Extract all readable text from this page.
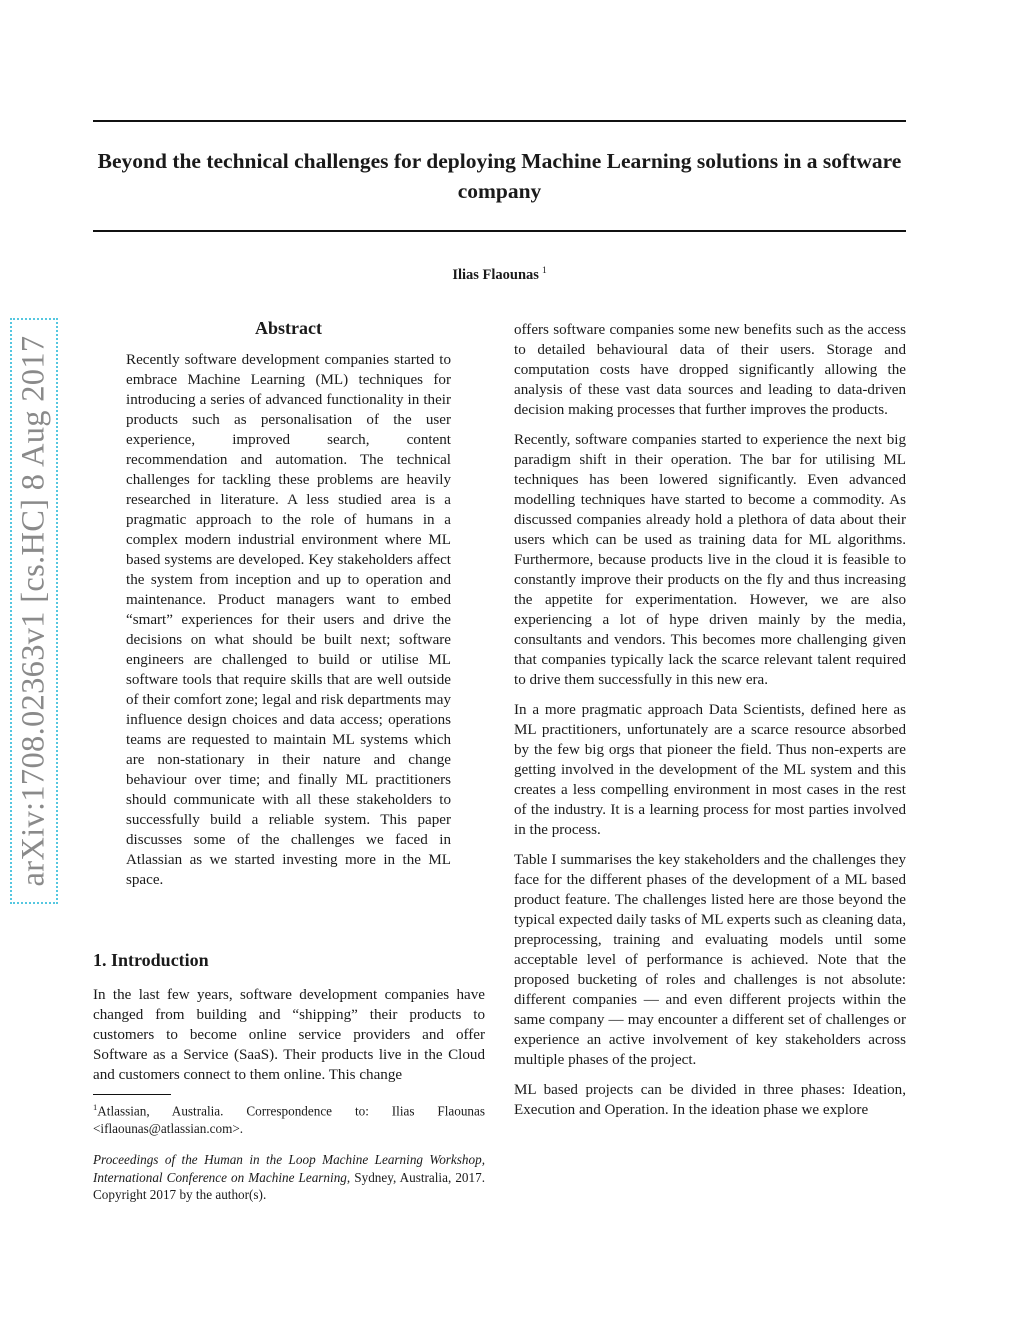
Beyond the technical challenges for deploying Machine Learning solutions in a software company
Ilias Flaounas $^1$
arXiv:1708.02363v1 [cs.HC] 8 Aug 2017
Abstract

Recently software development companies started to embrace Machine Learning (ML) techniques for introducing a series of advanced functionality in their products such as personalisation of the user experience, improved search, content recommendation and automation. The technical challenges for tackling these problems are heavily researched in literature. A less studied area is a pragmatic approach to the role of humans in a complex modern industrial environment where ML based systems are developed. Key stakeholders affect the system from inception and up to operation and maintenance. Product managers want to embed “smart” experiences for their users and drive the decisions on what should be built next; software engineers are challenged to build or utilise ML software tools that require skills that are well outside of their comfort zone; legal and risk departments may influence design choices and data access; operations teams are requested to maintain ML systems which are non-stationary in their nature and change behaviour over time; and finally ML practitioners should communicate with all these stakeholders to successfully build a reliable system. This paper discusses some of the challenges we faced in Atlassian as we started investing more in the ML space.

1. Introduction

In the last few years, software development companies have changed from building and “shipping” their products to customers to become online service providers and offer Software as a Service (SaaS). Their products live in the Cloud and customers connect to them online. This change

$^1$Atlassian, Australia. Correspondence to: Ilias Flaounas <iflaounas@atlassian.com>.

Proceedings of the Human in the Loop Machine Learning Workshop, International Conference on Machine Learning, Sydney, Australia, 2017. Copyright 2017 by the author(s).

offers software companies some new benefits such as the access to detailed behavioural data of their users. Storage and computation costs have dropped significantly allowing the analysis of these vast data sources and leading to data-driven decision making processes that further improves the products.

Recently, software companies started to experience the next big paradigm shift in their operation. The bar for utilising ML techniques has been lowered significantly. Even advanced modelling techniques have started to become a commodity. As discussed companies already hold a plethora of data about their users which can be used as training data for ML algorithms. Furthermore, because products live in the cloud it is feasible to constantly improve their products on the fly and thus increasing the appetite for experimentation. However, we are also experiencing a lot of hype driven mainly by the media, consultants and vendors. This becomes more challenging given that companies typically lack the scarce relevant talent required to drive them successfully in this new era.

In a more pragmatic approach Data Scientists, defined here as ML practitioners, unfortunately are a scarce resource absorbed by the few big orgs that pioneer the field. Thus non-experts are getting involved in the development of the ML system and this creates a less compelling environment in most cases in the rest of the industry. It is a learning process for most parties involved in the process.

Table I summarises the key stakeholders and the challenges they face for the different phases of the development of a ML based product feature. The challenges listed here are those beyond the typical expected daily tasks of ML experts such as cleaning data, preprocessing, training and evaluating models until some acceptable level of performance is achieved. Note that the proposed bucketing of roles and challenges is not absolute: different companies — and even different projects within the same company — may encounter a different set of challenges or experience an active involvement of key stakeholders across multiple phases of the project.

ML based projects can be divided in three phases: Ideation, Execution and Operation. In the ideation phase we explore
